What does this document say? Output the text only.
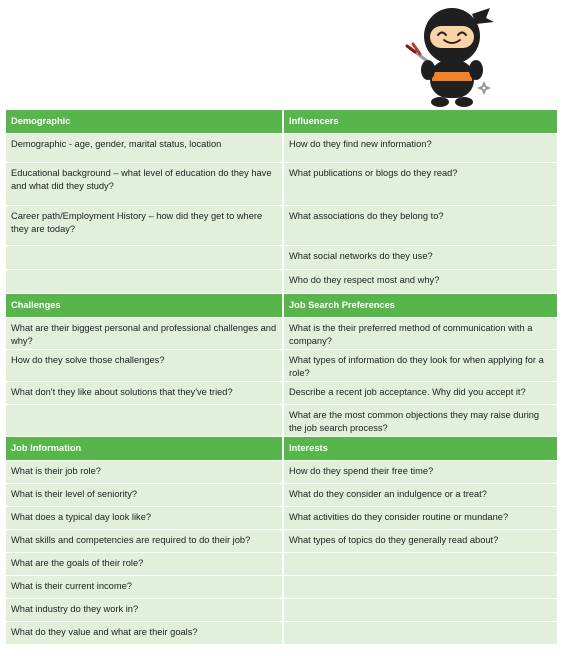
Demographic	Influencers
Demographic - age, gender, marital status, location	How do they find new information?
Educational background – what level of education do they have and what did they study?	What publications or blogs do they read?
Career path/Employment History – how did they get to where they are today?	What associations do they belong to?
	What social networks do they use?
	Who do they respect most and why?
Challenges	Job Search Preferences
What are their biggest personal and professional challenges and why?	What is the their preferred method of communication with a company?
How do they solve those challenges?	What types of information do they look for when applying for a role?
What don't they like about solutions that they've tried?	Describe a recent job acceptance. Why did you accept it?
	What are the most common objections they may raise during the job search process?
Job Information	Interests
What is their job role?	How do they spend their free time?
What is their level of seniority?	What do they consider an indulgence or a treat?
What does a typical day look like?	What activities do they consider routine or mundane?
What skills and competencies are required to do their job?	What types of topics do they generally read about?
What are the goals of their role?	
What is their current income?	
What industry do they work in?	
What do they value and what are their goals?	
